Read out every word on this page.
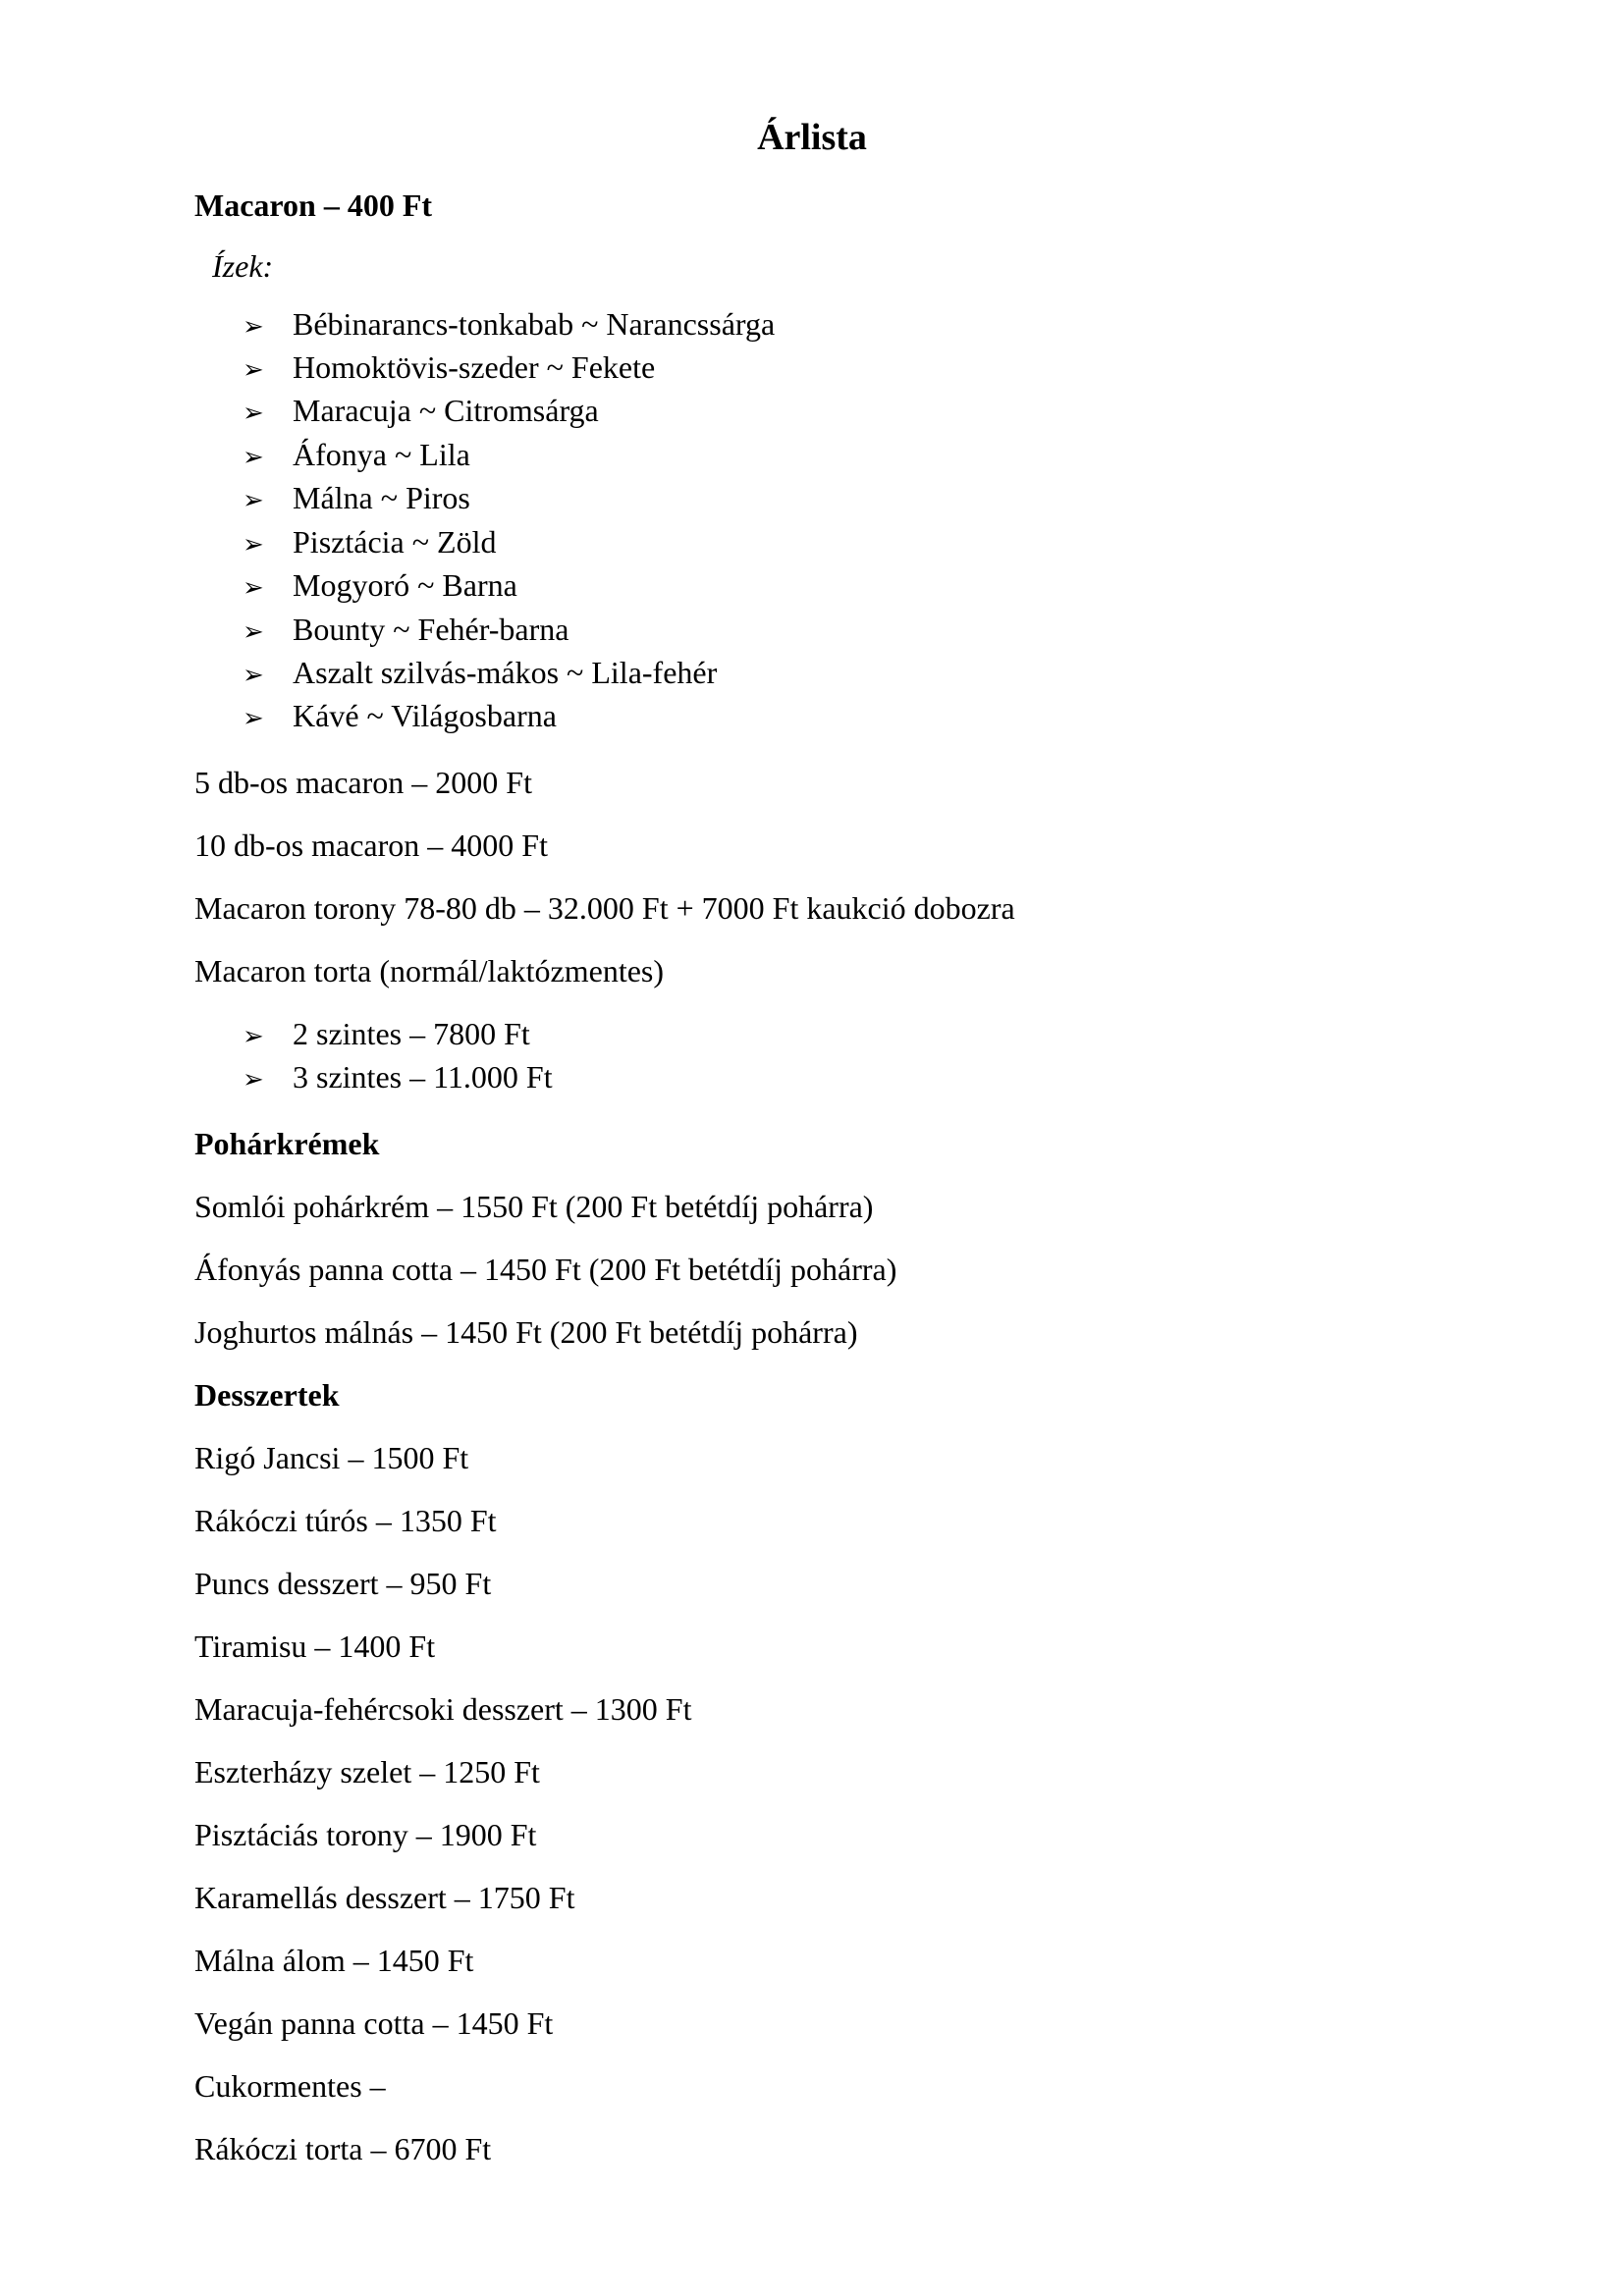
Árlista
Macaron – 400 Ft
Ízek:
➢ Bébinarancs-tonkabab ~ Narancssárga
➢ Homoktövis-szeder ~ Fekete
➢ Maracuja ~ Citromsárga
➢ Áfonya ~ Lila
➢ Málna ~ Piros
➢ Pisztácia ~ Zöld
➢ Mogyoró ~ Barna
➢ Bounty ~ Fehér-barna
➢ Aszalt szilvás-mákos ~ Lila-fehér
➢ Kávé ~ Világosbarna
5 db-os macaron – 2000 Ft
10 db-os macaron – 4000 Ft
Macaron torony 78-80 db – 32.000 Ft + 7000 Ft kaukció dobozra
Macaron torta (normál/laktózmentes)
➢ 2 szintes – 7800 Ft
➢ 3 szintes – 11.000 Ft
Pohárkrémek
Somlói pohárkrém – 1550 Ft (200 Ft betétdíj pohárra)
Áfonyás panna cotta – 1450 Ft (200 Ft betétdíj pohárra)
Joghurtos málnás – 1450 Ft (200 Ft betétdíj pohárra)
Desszertek
Rigó Jancsi – 1500 Ft
Rákóczi túrós – 1350 Ft
Puncs desszert – 950 Ft
Tiramisu – 1400 Ft
Maracuja-fehércsoki desszert – 1300 Ft
Eszterházy szelet – 1250 Ft
Pisztáciás torony – 1900 Ft
Karamellás desszert – 1750 Ft
Málna álom – 1450 Ft
Vegán panna cotta – 1450 Ft
Cukormentes –
Rákóczi torta – 6700 Ft
